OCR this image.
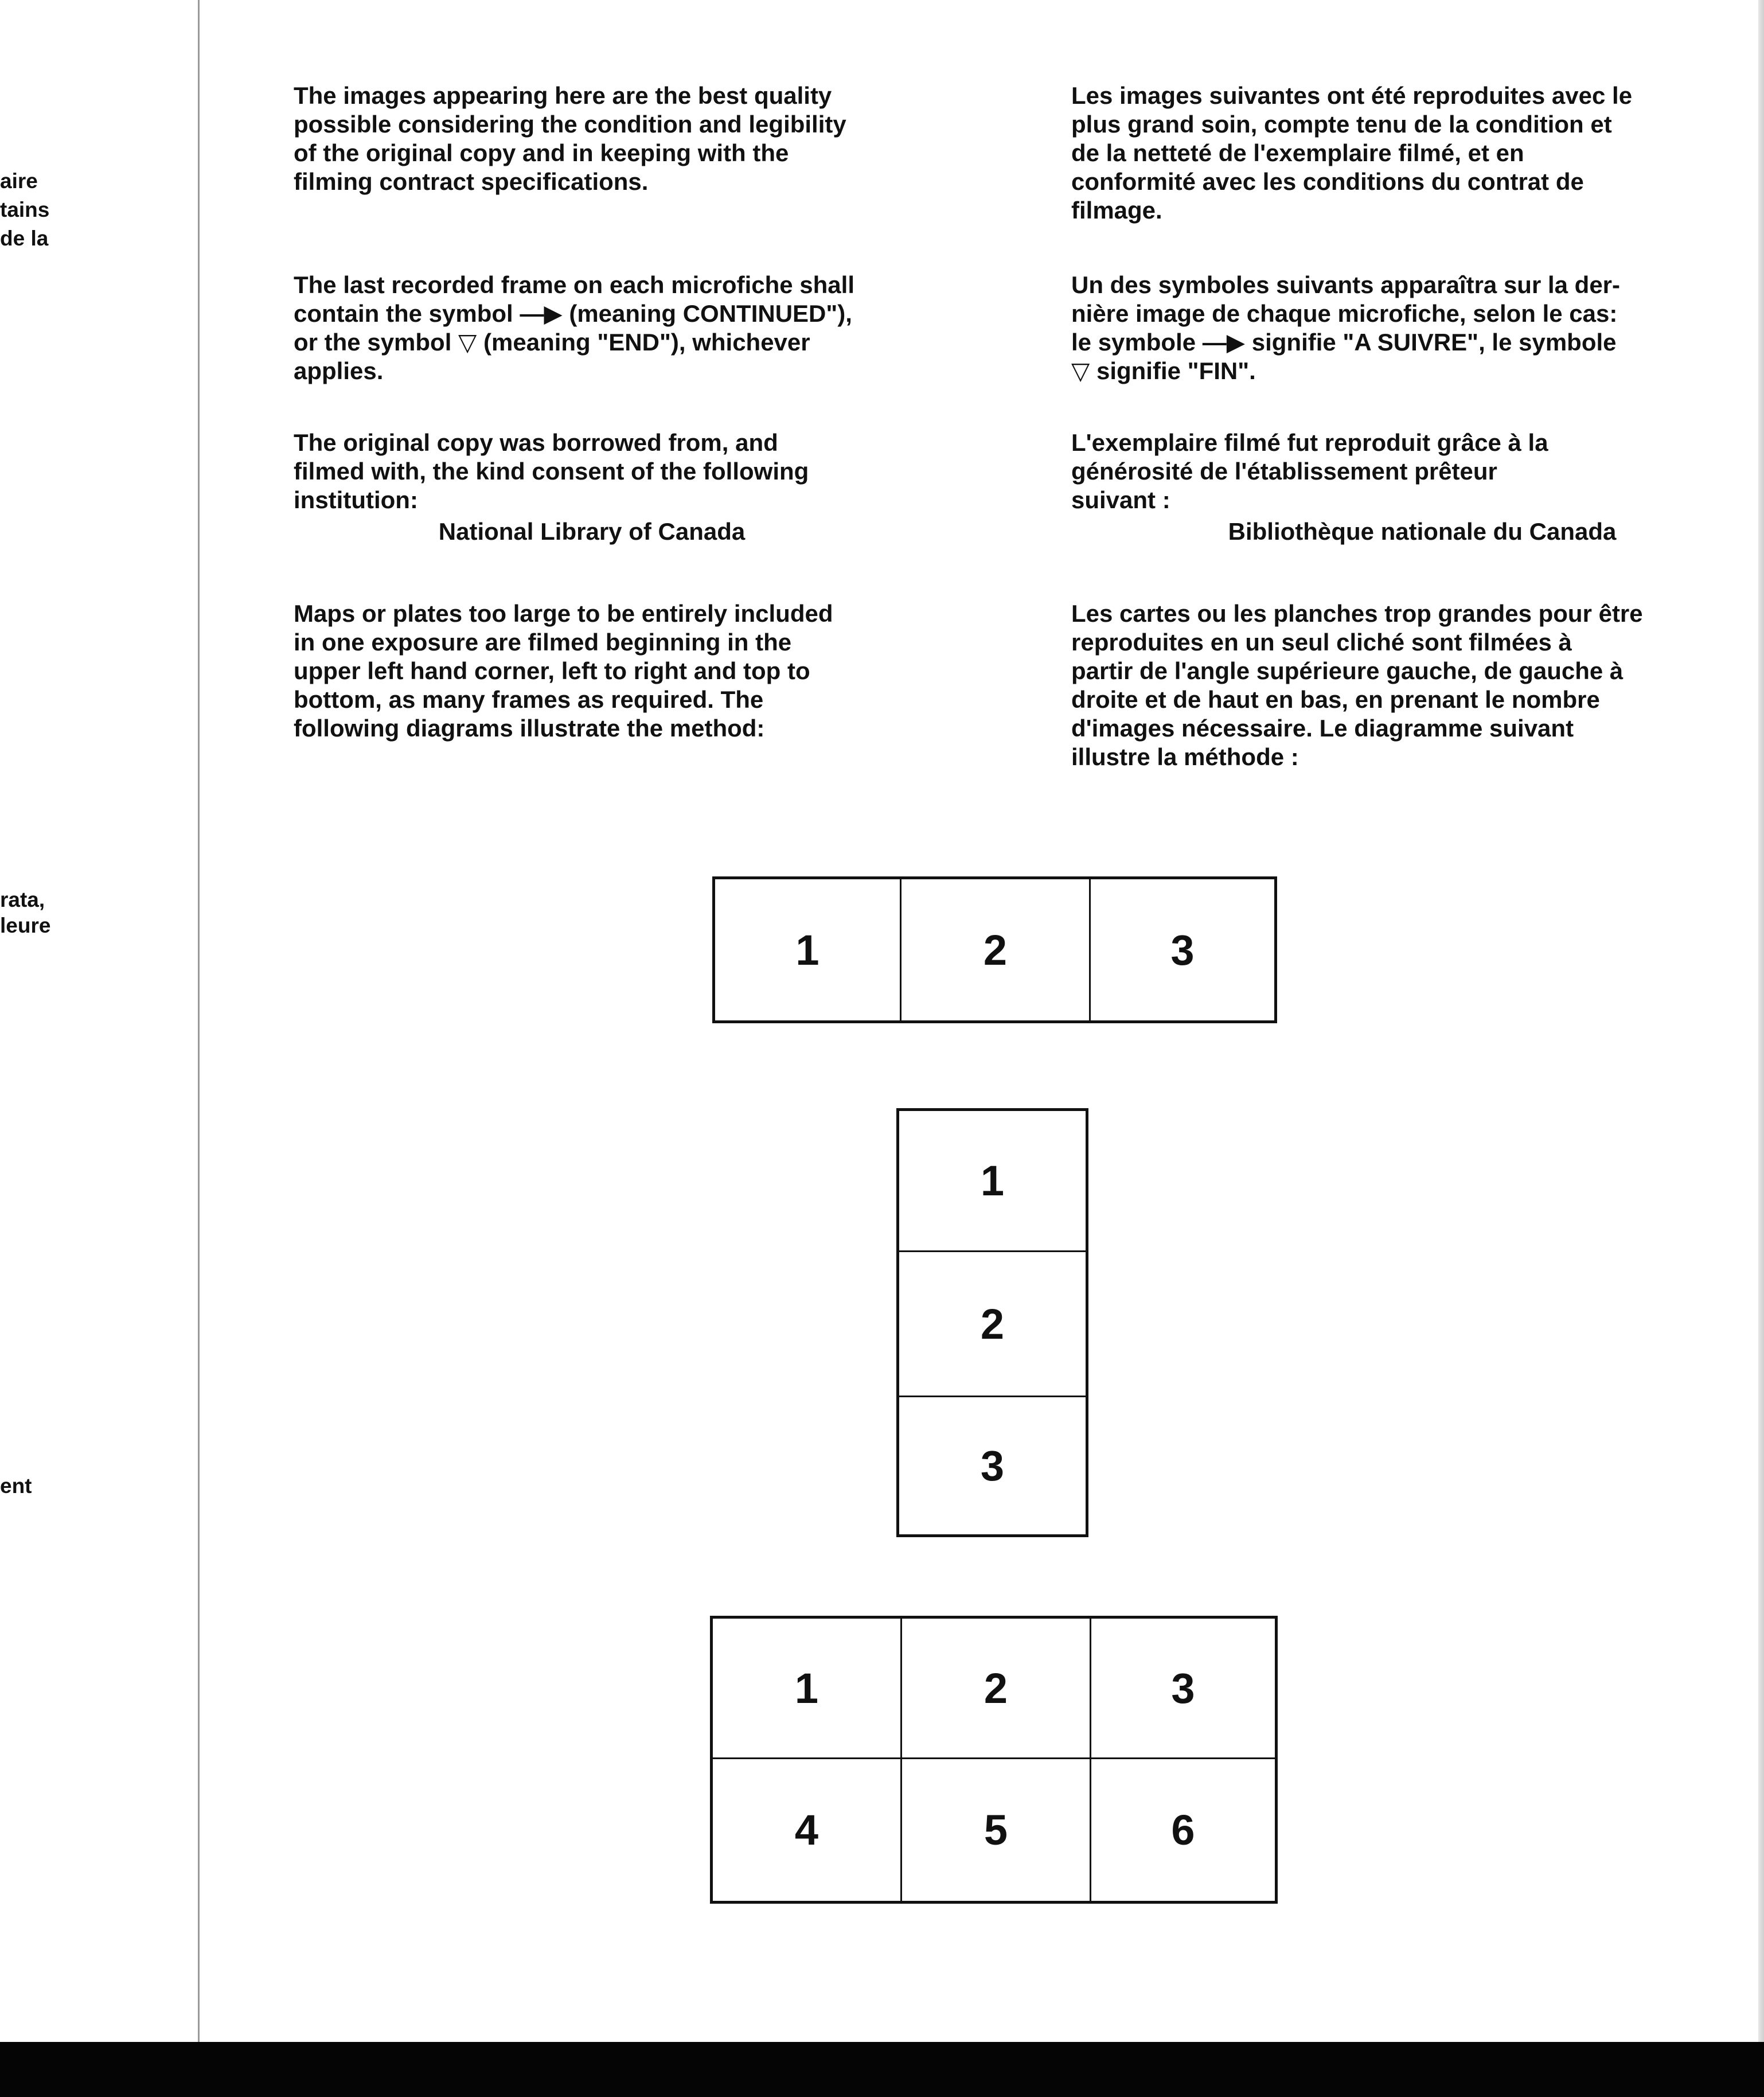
aire
tains
de la
rata,
leure
ent
The images appearing here are the best quality
possible considering the condition and legibility
of the original copy and in keeping with the
filming contract specifications.
The last recorded frame on each microfiche shall
contain the symbol —▶ (meaning CONTINUED"),
or the symbol ▽ (meaning "END"), whichever
applies.
The original copy was borrowed from, and
filmed with, the kind consent of the following
institution:
National Library of Canada
Maps or plates too large to be entirely included
in one exposure are filmed beginning in the
upper left hand corner, left to right and top to
bottom, as many frames as required. The
following diagrams illustrate the method:
Les images suivantes ont été reproduites avec le
plus grand soin, compte tenu de la condition et
de la netteté de l'exemplaire filmé, et en
conformité avec les conditions du contrat de
filmage.
Un des symboles suivants apparaîtra sur la der-
nière image de chaque microfiche, selon le cas:
le symbole —▶ signifie "A SUIVRE", le symbole
▽ signifie "FIN".
L'exemplaire filmé fut reproduit grâce à la
générosité de l'établissement prêteur
suivant :
Bibliothèque nationale du Canada
Les cartes ou les planches trop grandes pour être
reproduites en un seul cliché sont filmées à
partir de l'angle supérieure gauche, de gauche à
droite et de haut en bas, en prenant le nombre
d'images nécessaire. Le diagramme suivant
illustre la méthode :
1	2	3
1
2
3
1	2	3
4	5	6
